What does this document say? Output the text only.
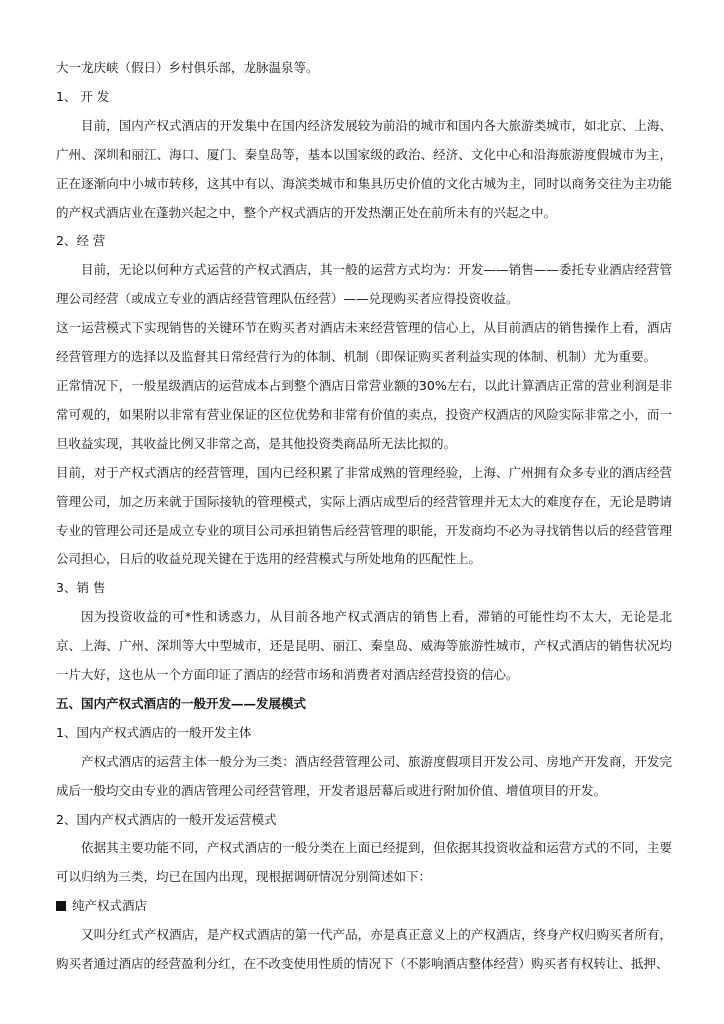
大一龙庆峡（假日）乡村俱乐部，龙脉温泉等。

1、 开 发

目前，国内产权式酒店的开发集中在国内经济发展较为前沿的城市和国内各大旅游类城市，如北京、上海、广州、深圳和丽江、海口、厦门、秦皇岛等，基本以国家级的政治、经济、文化中心和沿海旅游度假城市为主，正在逐渐向中小城市转移，这其中有以、海滨类城市和集具历史价值的文化古城为主，同时以商务交往为主功能的产权式酒店业在蓬勃兴起之中，整个产权式酒店的开发热潮正处在前所未有的兴起之中。

2、经 营

目前，无论以何种方式运营的产权式酒店，其一般的运营方式均为：开发——销售——委托专业酒店经营管理公司经营（或成立专业的酒店经营管理队伍经营）——兑现购买者应得投资收益。

这一运营模式下实现销售的关键环节在购买者对酒店未来经营管理的信心上，从目前酒店的销售操作上看，酒店经营管理方的选择以及监督其日常经营行为的体制、机制（即保证购买者利益实现的体制、机制）尤为重要。

正常情况下，一般星级酒店的运营成本占到整个酒店日常营业额的30%左右，以此计算酒店正常的营业利润是非常可观的，如果附以非常有营业保证的区位优势和非常有价值的卖点，投资产权酒店的风险实际非常之小，而一旦收益实现，其收益比例又非常之高，是其他投资类商品所无法比拟的。

目前，对于产权式酒店的经营管理，国内已经积累了非常成熟的管理经验，上海、广州拥有众多专业的酒店经营管理公司，加之历来就于国际接轨的管理模式，实际上酒店成型后的经营管理并无太大的难度存在，无论是聘请专业的管理公司还是成立专业的项目公司承担销售后经营管理的职能，开发商均不必为寻找销售以后的经营管理公司担心，日后的收益兑现关键在于选用的经营模式与所处地角的匹配性上。

3、销 售

因为投资收益的可*性和诱惑力，从目前各地产权式酒店的销售上看，滞销的可能性均不太大，无论是北京、上海、广州、深圳等大中型城市，还是昆明、丽江、秦皇岛、威海等旅游性城市，产权式酒店的销售状况均一片大好，这也从一个方面印证了酒店的经营市场和消费者对酒店经营投资的信心。

五、国内产权式酒店的一般开发——发展模式

1、国内产权式酒店的一般开发主体

产权式酒店的运营主体一般分为三类：酒店经营管理公司、旅游度假项目开发公司、房地产开发商，开发完成后一般均交由专业的酒店管理公司经营管理，开发者退居幕后或进行附加价值、增值项目的开发。

2、国内产权式酒店的一般开发运营模式

依据其主要功能不同，产权式酒店的一般分类在上面已经提到，但依据其投资收益和运营方式的不同，主要可以归纳为三类，均已在国内出现，现根据调研情况分别简述如下：

纯产权式酒店

又叫分红式产权酒店，是产权式酒店的第一代产品，亦是真正意义上的产权酒店，终身产权归购买者所有，购买者通过酒店的经营盈利分红，在不改变使用性质的情况下（不影响酒店整体经营）购买者有权转让、抵押、
